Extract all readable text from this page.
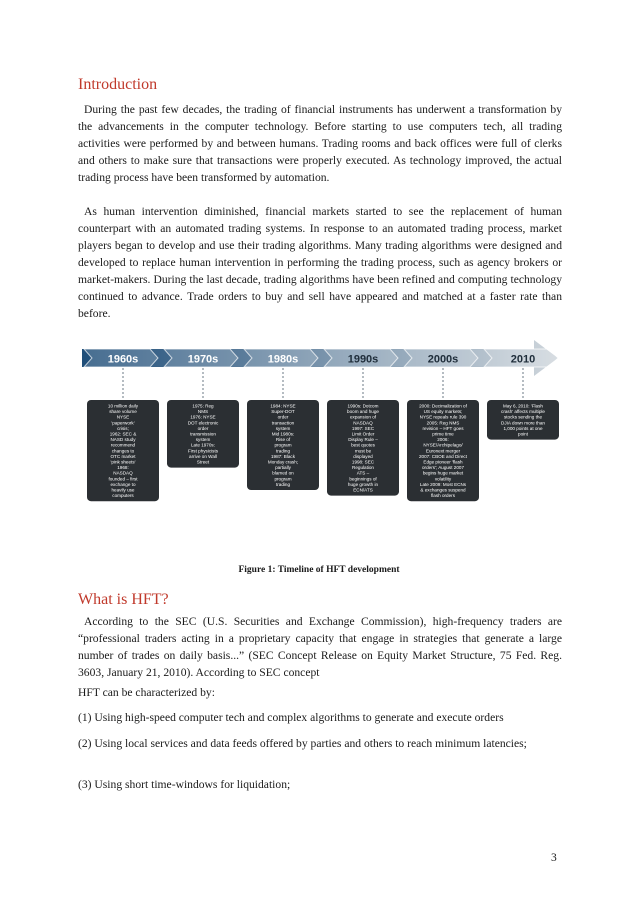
Introduction

During the past few decades, the trading of financial instruments has underwent a transformation by the advancements in the computer technology. Before starting to use computers tech, all trading activities were performed by and between humans. Trading rooms and back offices were full of clerks and others to make sure that transactions were properly executed. As technology improved, the actual trading process have been transformed by automation.

As human intervention diminished, financial markets started to see the replacement of human counterpart with an automated trading systems. In response to an automated trading process, market players began to develop and use their trading algorithms. Many trading algorithms were designed and developed to replace human intervention in performing the trading process, such as agency brokers or market-makers. During the last decade, trading algorithms have been refined and computing technology continued to advance. Trade orders to buy and sell have appeared and matched at a faster rate than before.

1960s	1970s	1980s	1990s	2000s	2010
10 million daily
share volume
NYSE
'paperwork'
crisis;
1962: SEC &
NASD study
recommend
changes to
OTC market
'pink sheets'
1968:
NASDAQ
founded – first
exchange to
heavily use
computers
1975: Reg
NMS
1976: NYSE
DOT electronic
order
transmission
system
Late 1970s:
First physicists
arrive on Wall
Street
1984: NYSE
Super-DOT
order
transaction
system
Mid 1980s:
Rise of
program
trading
1987: Black
Monday crash;
partially
blamed on
program
trading
1990s: Dotcom
boom and huge
expansion of
NASDAQ
1997: SEC
Limit Order
Display Rule –
best quotes
must be
displayed
1998: SEC
Regulation
ATS –
beginnings of
huge growth in
ECN/ATS
2000: Decimalization of
US equity markets;
NYSE repeals rule 390
2005: Reg NMS
revision – HFT goes
prime time
2006:
NYSE/Archipelago/
Euronext merger
2007: CBOE and Direct
Edge pioneer 'flash
orders'; August 2007
begins huge market
volatility
Late 2009: Most ECNs
& exchanges suspend
flash orders
May 6, 2010: 'Flash
crash' affects multiple
stocks sending the
DJIA down more than
1,000 points at one
point
Figure 1: Timeline of HFT development
What is HFT?

According to the SEC (U.S. Securities and Exchange Commission), high-frequency traders are “professional traders acting in a proprietary capacity that engage in strategies that generate a large number of trades on daily basis...” (SEC Concept Release on Equity Market Structure, 75 Fed. Reg. 3603, January 21, 2010). According to SEC concept

HFT can be characterized by:

(1) Using high-speed computer tech and complex algorithms to generate and execute orders

(2) Using local services and data feeds offered by parties and others to reach minimum latencies;

(3) Using short time-windows for liquidation;

3
